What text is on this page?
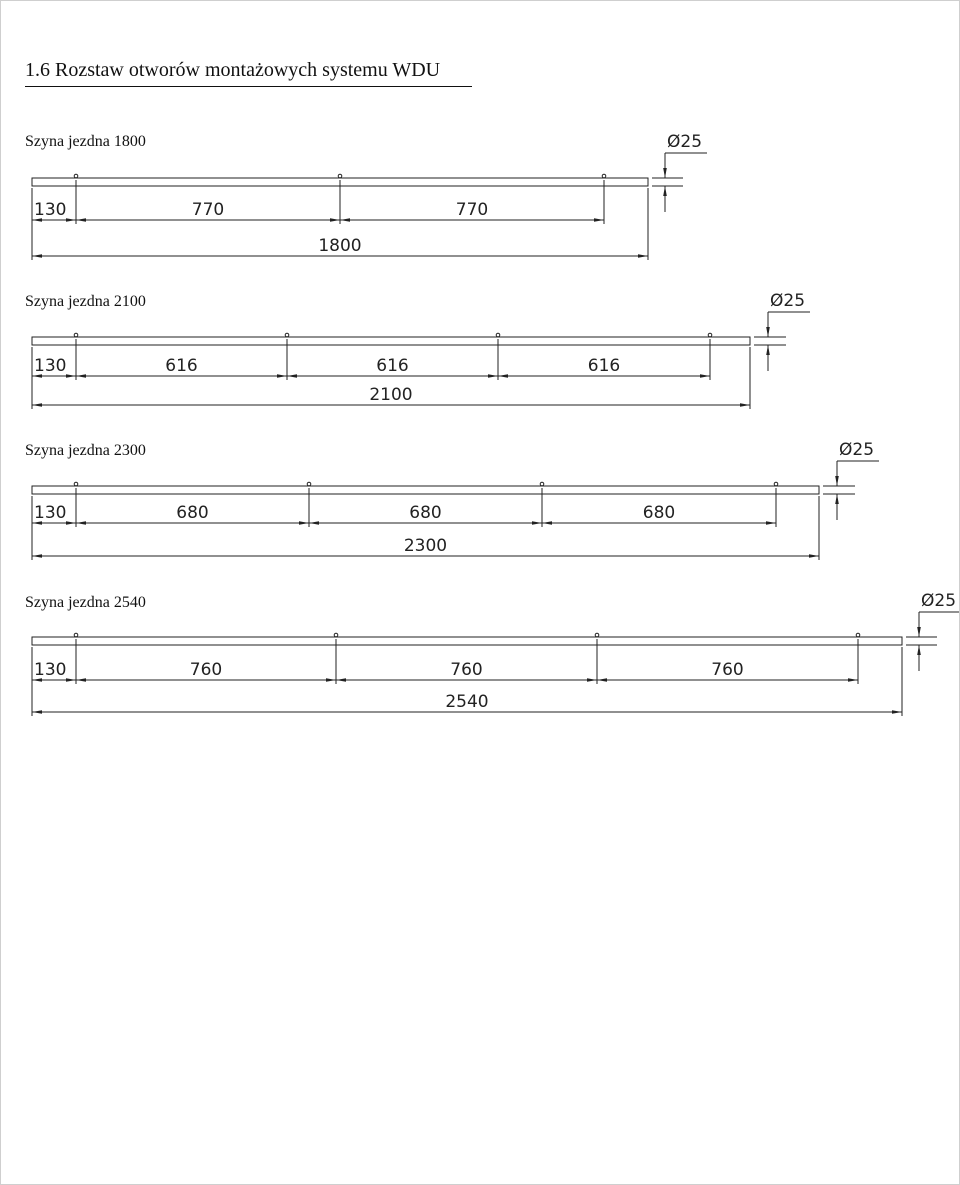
1.6 Rozstaw otworów montażowych systemu WDU
Szyna jezdna 1800
Szyna jezdna 2100
Szyna jezdna 2300
Szyna jezdna 2540
130	770	770
1800
Ø25
130	616	616	616
2100
Ø25
130	680	680	680
2300
Ø25
130	760	760	760
2540
Ø25
